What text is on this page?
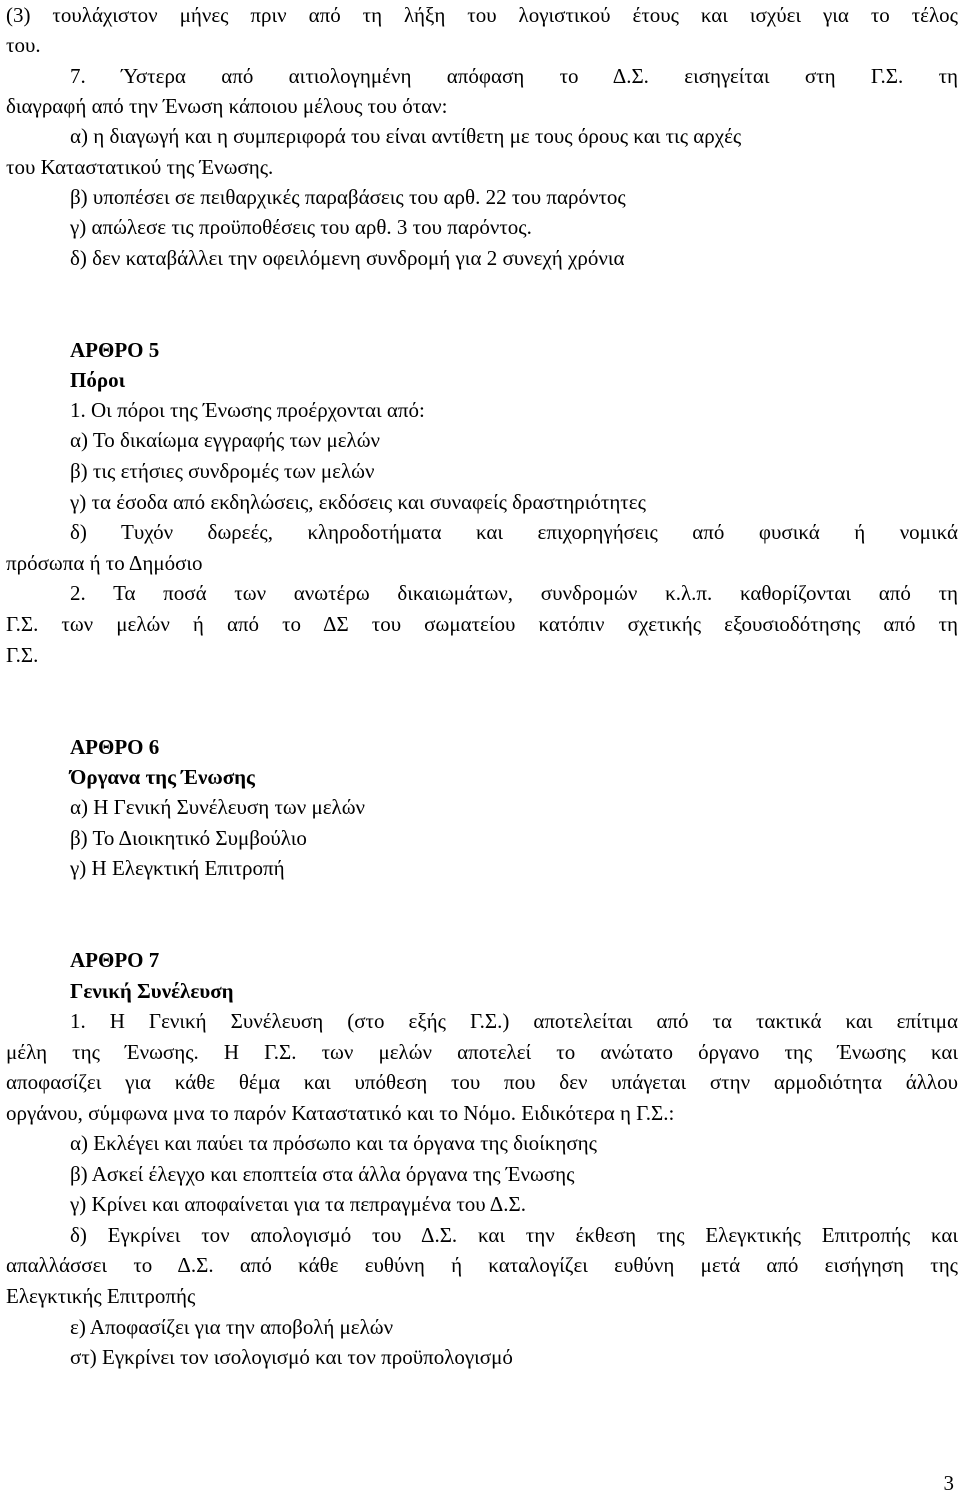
(3) τουλάχιστον μήνες πριν από τη λήξη του λογιστικού έτους και ισχύει για το τέλος
του.
7. Ύστερα από αιτιολογημένη απόφαση το Δ.Σ. εισηγείται στη Γ.Σ. τη
διαγραφή από την Ένωση κάποιου μέλους του όταν:
α) η διαγωγή και η συμπεριφορά του είναι αντίθετη με τους όρους και τις αρχές
του Καταστατικού της Ένωσης.
β) υποπέσει σε πειθαρχικές παραβάσεις του αρθ. 22 του παρόντος
γ) απώλεσε τις προϋποθέσεις του αρθ. 3 του παρόντος.
δ) δεν καταβάλλει την οφειλόμενη συνδρομή για 2 συνεχή χρόνια
ΑΡΘΡΟ 5
Πόροι
1. Οι πόροι της Ένωσης προέρχονται από:
α) Το δικαίωμα εγγραφής των μελών
β) τις ετήσιες συνδρομές των μελών
γ) τα έσοδα από εκδηλώσεις, εκδόσεις και συναφείς δραστηριότητες
δ) Τυχόν δωρεές, κληροδοτήματα και επιχορηγήσεις από φυσικά ή νομικά
πρόσωπα ή το Δημόσιο
2. Τα ποσά των ανωτέρω δικαιωμάτων, συνδρομών κ.λ.π. καθορίζονται από τη
Γ.Σ. των μελών ή από το ΔΣ του σωματείου κατόπιν σχετικής εξουσιοδότησης από τη
Γ.Σ.
ΑΡΘΡΟ 6
Όργανα της Ένωσης
α) Η Γενική Συνέλευση των μελών
β) Το Διοικητικό Συμβούλιο
γ) Η Ελεγκτική Επιτροπή
ΑΡΘΡΟ 7
Γενική Συνέλευση
1. Η Γενική Συνέλευση (στο εξής Γ.Σ.) αποτελείται από τα τακτικά και επίτιμα
μέλη της Ένωσης. Η Γ.Σ. των μελών αποτελεί το ανώτατο όργανο της Ένωσης και
αποφασίζει για κάθε θέμα και υπόθεση του που δεν υπάγεται στην αρμοδιότητα άλλου
οργάνου, σύμφωνα μνα το παρόν Καταστατικό και το Νόμο. Ειδικότερα η Γ.Σ.:
α) Εκλέγει και παύει τα πρόσωπο και τα όργανα της διοίκησης
β) Ασκεί έλεγχο και εποπτεία στα άλλα όργανα της Ένωσης
γ) Κρίνει και αποφαίνεται για τα πεπραγμένα του Δ.Σ.
δ) Εγκρίνει τον απολογισμό του Δ.Σ. και την έκθεση της Ελεγκτικής Επιτροπής και
απαλλάσσει το Δ.Σ. από κάθε ευθύνη ή καταλογίζει ευθύνη μετά από εισήγηση της
Ελεγκτικής Επιτροπής
ε) Αποφασίζει για την αποβολή μελών
στ) Εγκρίνει τον ισολογισμό και τον προϋπολογισμό
3
